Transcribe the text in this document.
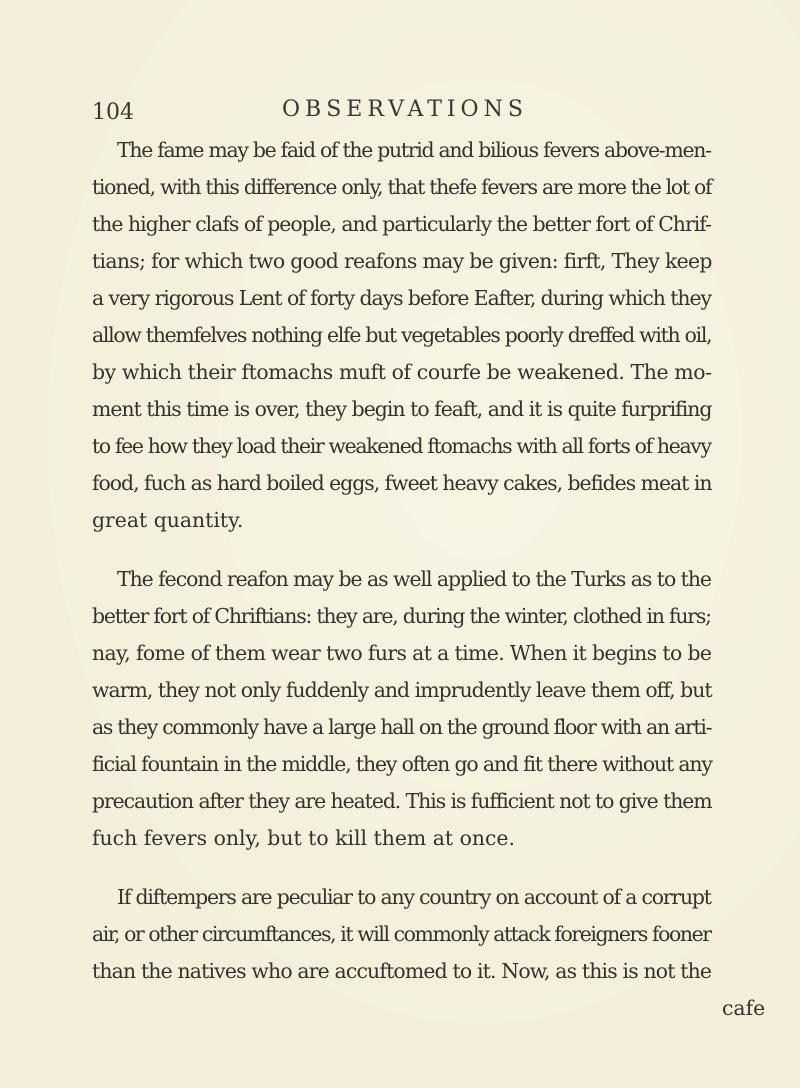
104	OBSERVATIONS
The fame may be faid of the putrid and bilious fevers above-men-
tioned, with this difference only, that thefe fevers are more the lot of
the higher clafs of people, and particularly the better fort of Chrif-
tians; for which two good reafons may be given: firft, They keep
a very rigorous Lent of forty days before Eafter, during which they
allow themfelves nothing elfe but vegetables poorly dreffed with oil,
by which their ftomachs muft of courfe be weakened. The mo-
ment this time is over, they begin to feaft, and it is quite furprifing
to fee how they load their weakened ftomachs with all forts of heavy
food, fuch as hard boiled eggs, fweet heavy cakes, befides meat in
great quantity.
The fecond reafon may be as well applied to the Turks as to the
better fort of Chriftians: they are, during the winter, clothed in furs;
nay, fome of them wear two furs at a time. When it begins to be
warm, they not only fuddenly and imprudently leave them off, but
as they commonly have a large hall on the ground floor with an arti-
ficial fountain in the middle, they often go and fit there without any
precaution after they are heated. This is fufficient not to give them
fuch fevers only, but to kill them at once.
If diftempers are peculiar to any country on account of a corrupt
air, or other circumftances, it will commonly attack foreigners fooner
than the natives who are accuftomed to it. Now, as this is not the
cafe
